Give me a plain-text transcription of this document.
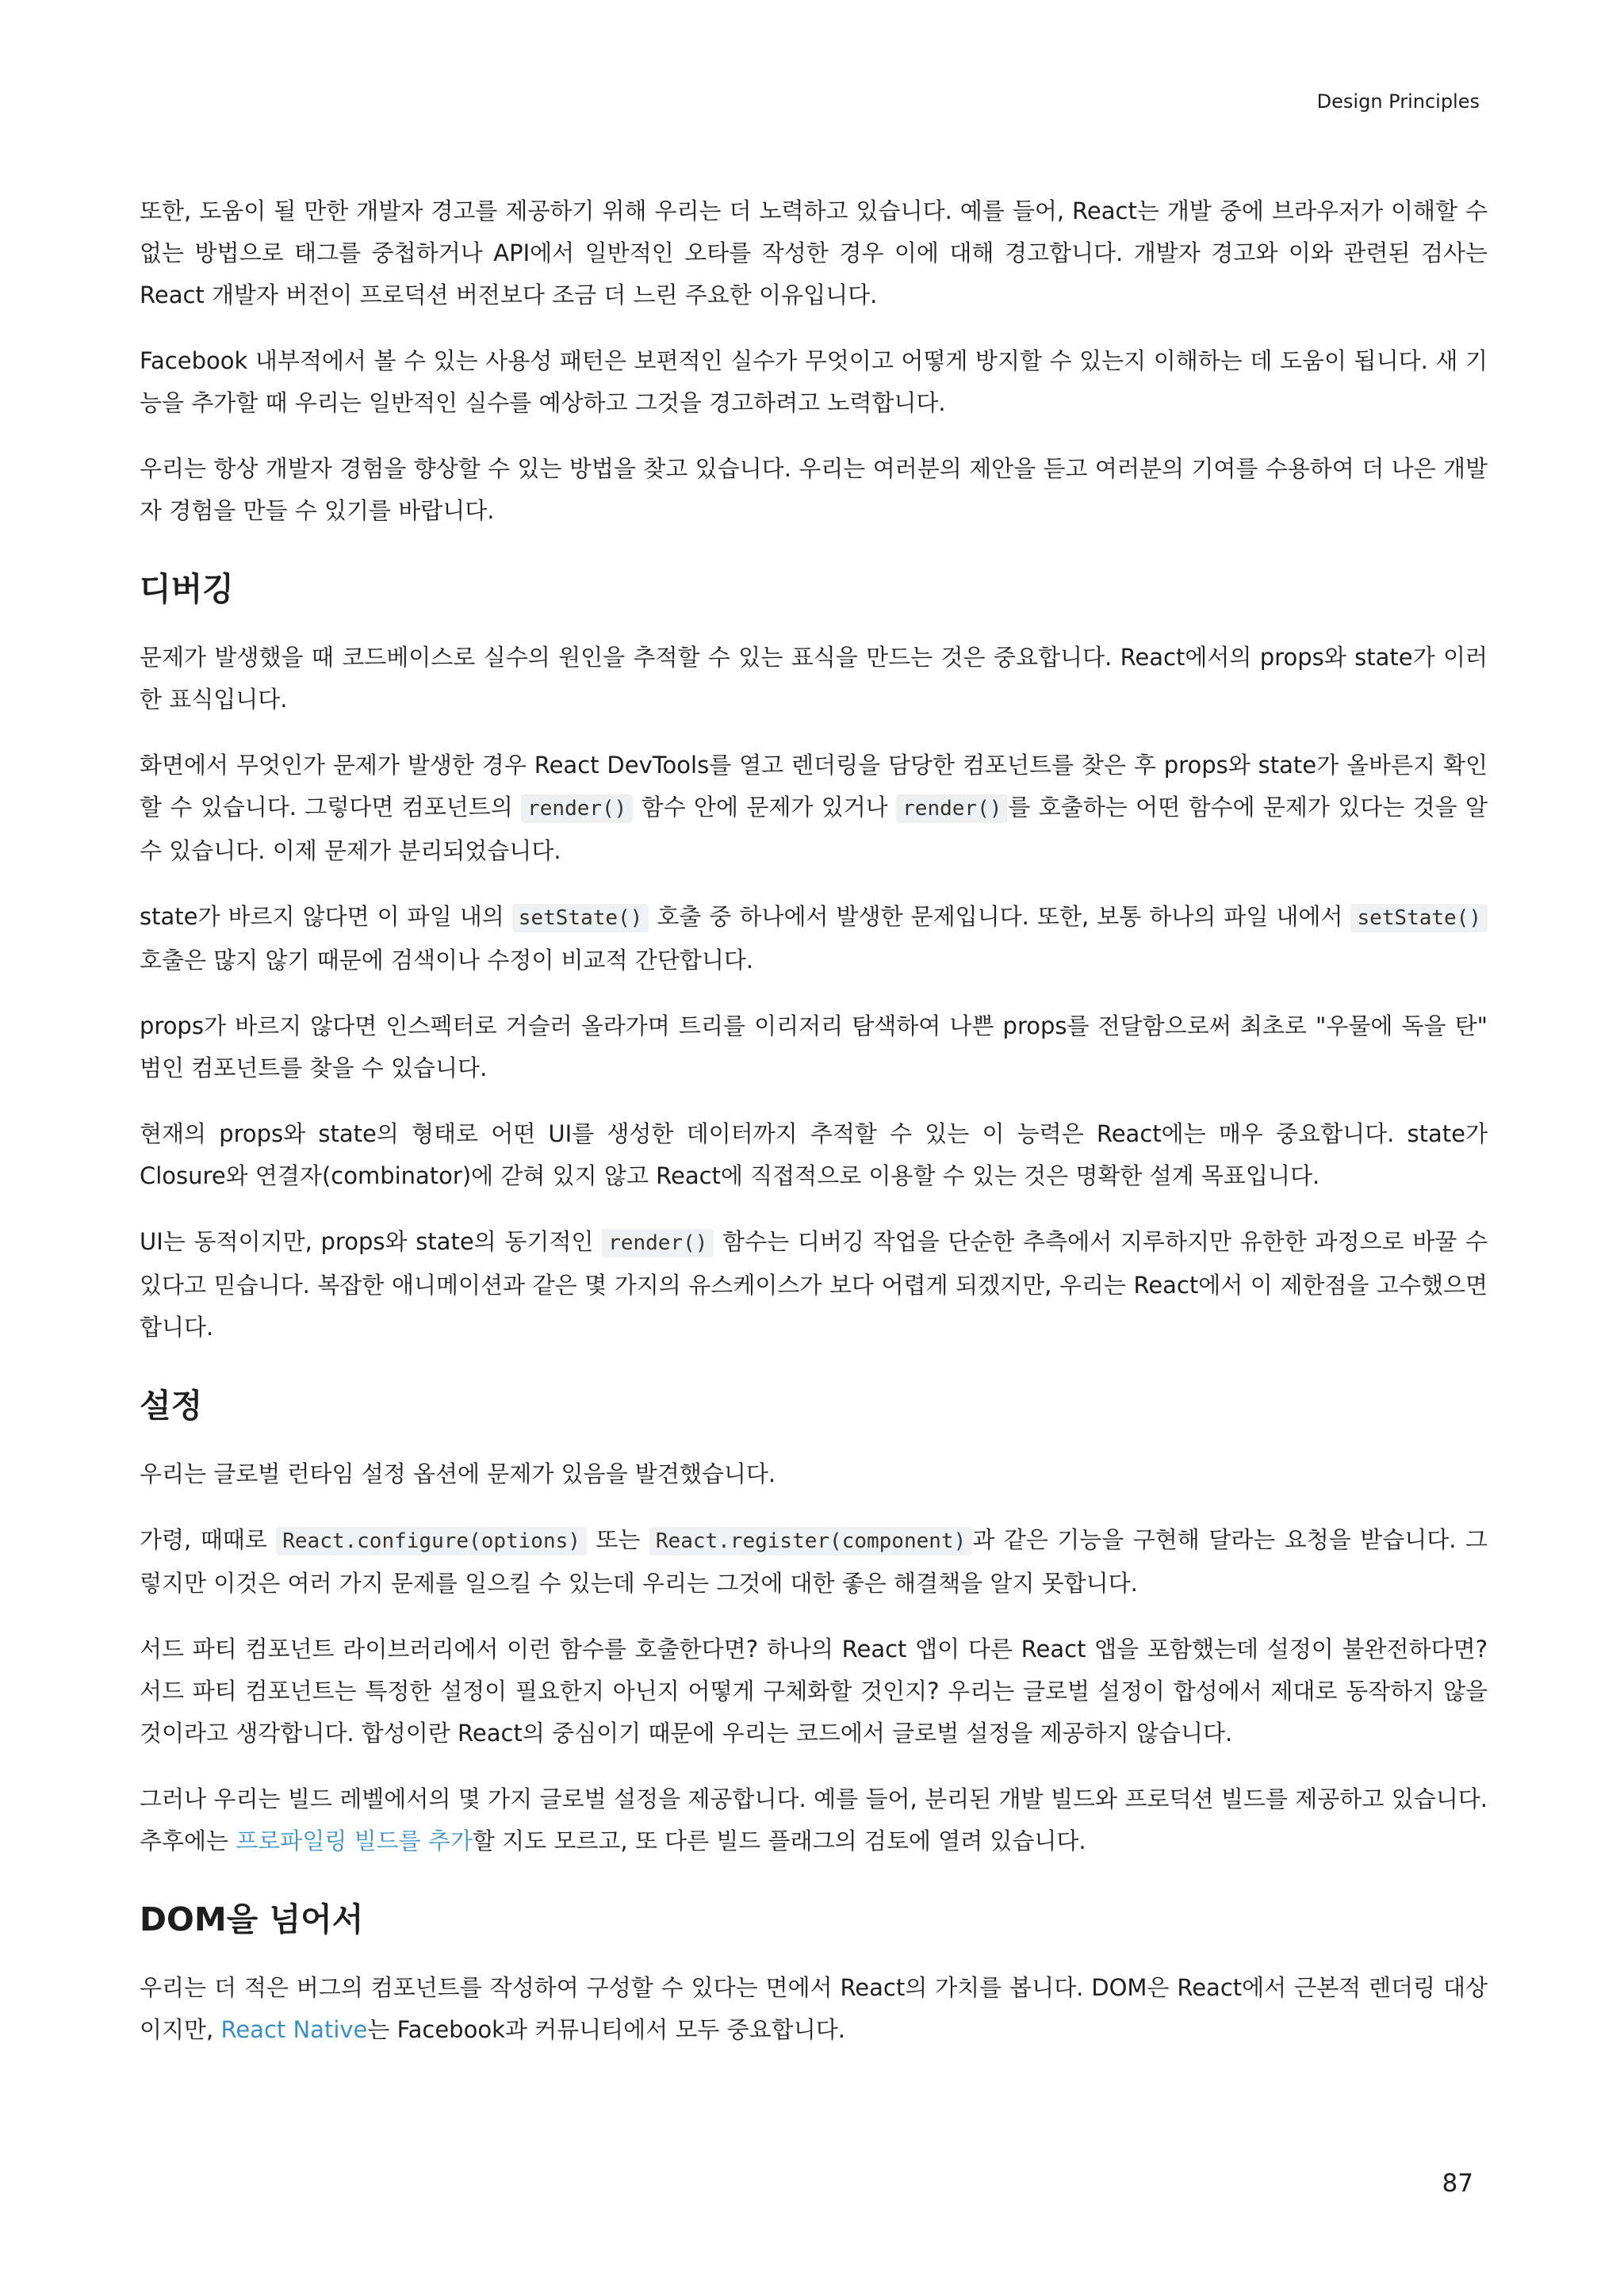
Design Principles

또한, 도움이 될 만한 개발자 경고를 제공하기 위해 우리는 더 노력하고 있습니다. 예를 들어, React는 개발 중에 브라우저가 이해할 수 없는 방법으로 태그를 중첩하거나 API에서 일반적인 오타를 작성한 경우 이에 대해 경고합니다. 개발자 경고와 이와 관련된 검사는 React 개발자 버전이 프로덕션 버전보다 조금 더 느린 주요한 이유입니다.

Facebook 내부적에서 볼 수 있는 사용성 패턴은 보편적인 실수가 무엇이고 어떻게 방지할 수 있는지 이해하는 데 도움이 됩니다. 새 기능을 추가할 때 우리는 일반적인 실수를 예상하고 그것을 경고하려고 노력합니다.

우리는 항상 개발자 경험을 향상할 수 있는 방법을 찾고 있습니다. 우리는 여러분의 제안을 듣고 여러분의 기여를 수용하여 더 나은 개발자 경험을 만들 수 있기를 바랍니다.

디버깅

문제가 발생했을 때 코드베이스로 실수의 원인을 추적할 수 있는 표식을 만드는 것은 중요합니다. React에서의 props와 state가 이러한 표식입니다.

화면에서 무엇인가 문제가 발생한 경우 React DevTools를 열고 렌더링을 담당한 컴포넌트를 찾은 후 props와 state가 올바른지 확인할 수 있습니다. 그렇다면 컴포넌트의 render() 함수 안에 문제가 있거나 render() 를 호출하는 어떤 함수에 문제가 있다는 것을 알 수 있습니다. 이제 문제가 분리되었습니다.

state가 바르지 않다면 이 파일 내의 setState() 호출 중 하나에서 발생한 문제입니다. 또한, 보통 하나의 파일 내에서 setState() 호출은 많지 않기 때문에 검색이나 수정이 비교적 간단합니다.

props가 바르지 않다면 인스펙터로 거슬러 올라가며 트리를 이리저리 탐색하여 나쁜 props를 전달함으로써 최초로 "우물에 독을 탄" 범인 컴포넌트를 찾을 수 있습니다.

현재의 props와 state의 형태로 어떤 UI를 생성한 데이터까지 추적할 수 있는 이 능력은 React에는 매우 중요합니다. state가 Closure와 연결자(combinator)에 갇혀 있지 않고 React에 직접적으로 이용할 수 있는 것은 명확한 설계 목표입니다.

UI는 동적이지만, props와 state의 동기적인 render() 함수는 디버깅 작업을 단순한 추측에서 지루하지만 유한한 과정으로 바꿀 수 있다고 믿습니다. 복잡한 애니메이션과 같은 몇 가지의 유스케이스가 보다 어렵게 되겠지만, 우리는 React에서 이 제한점을 고수했으면 합니다.

설정

우리는 글로벌 런타임 설정 옵션에 문제가 있음을 발견했습니다.

가령, 때때로 React.configure(options) 또는 React.register(component) 과 같은 기능을 구현해 달라는 요청을 받습니다. 그렇지만 이것은 여러 가지 문제를 일으킬 수 있는데 우리는 그것에 대한 좋은 해결책을 알지 못합니다.

서드 파티 컴포넌트 라이브러리에서 이런 함수를 호출한다면? 하나의 React 앱이 다른 React 앱을 포함했는데 설정이 불완전하다면? 서드 파티 컴포넌트는 특정한 설정이 필요한지 아닌지 어떻게 구체화할 것인지? 우리는 글로벌 설정이 합성에서 제대로 동작하지 않을 것이라고 생각합니다. 합성이란 React의 중심이기 때문에 우리는 코드에서 글로벌 설정을 제공하지 않습니다.

그러나 우리는 빌드 레벨에서의 몇 가지 글로벌 설정을 제공합니다. 예를 들어, 분리된 개발 빌드와 프로덕션 빌드를 제공하고 있습니다. 추후에는 프로파일링 빌드를 추가할 지도 모르고, 또 다른 빌드 플래그의 검토에 열려 있습니다.

DOM을 넘어서

우리는 더 적은 버그의 컴포넌트를 작성하여 구성할 수 있다는 면에서 React의 가치를 봅니다. DOM은 React에서 근본적 렌더링 대상이지만, React Native는 Facebook과 커뮤니티에서 모두 중요합니다.

87
